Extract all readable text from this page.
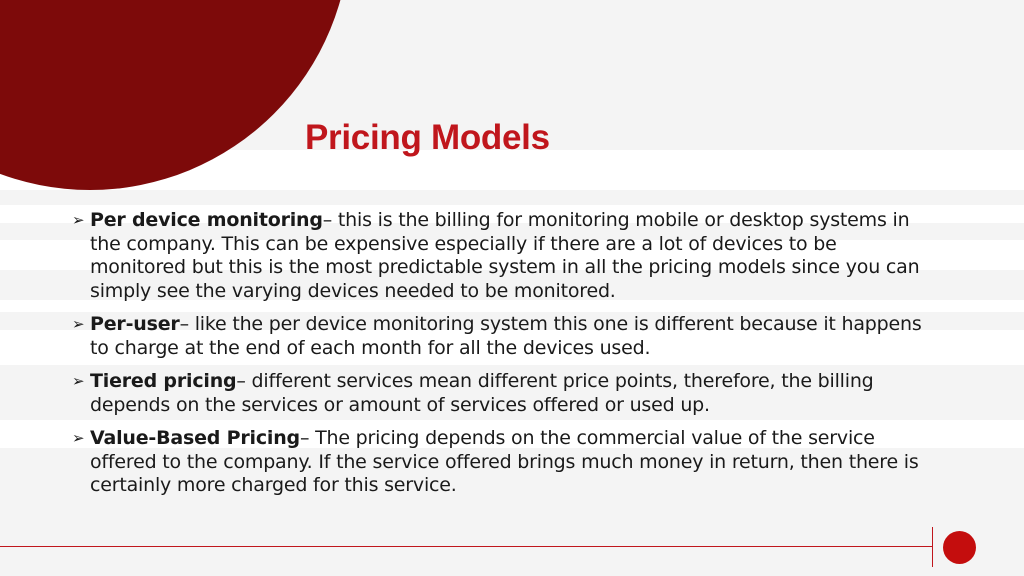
Pricing Models
➢ Per device monitoring– this is the billing for monitoring mobile or desktop systems in the company. This can be expensive especially if there are a lot of devices to be monitored but this is the most predictable system in all the pricing models since you can simply see the varying devices needed to be monitored.
➢ Per-user– like the per device monitoring system this one is different because it happens to charge at the end of each month for all the devices used.
➢ Tiered pricing– different services mean different price points, therefore, the billing depends on the services or amount of services offered or used up.
➢ Value-Based Pricing– The pricing depends on the commercial value of the service offered to the company. If the service offered brings much money in return, then there is certainly more charged for this service.
